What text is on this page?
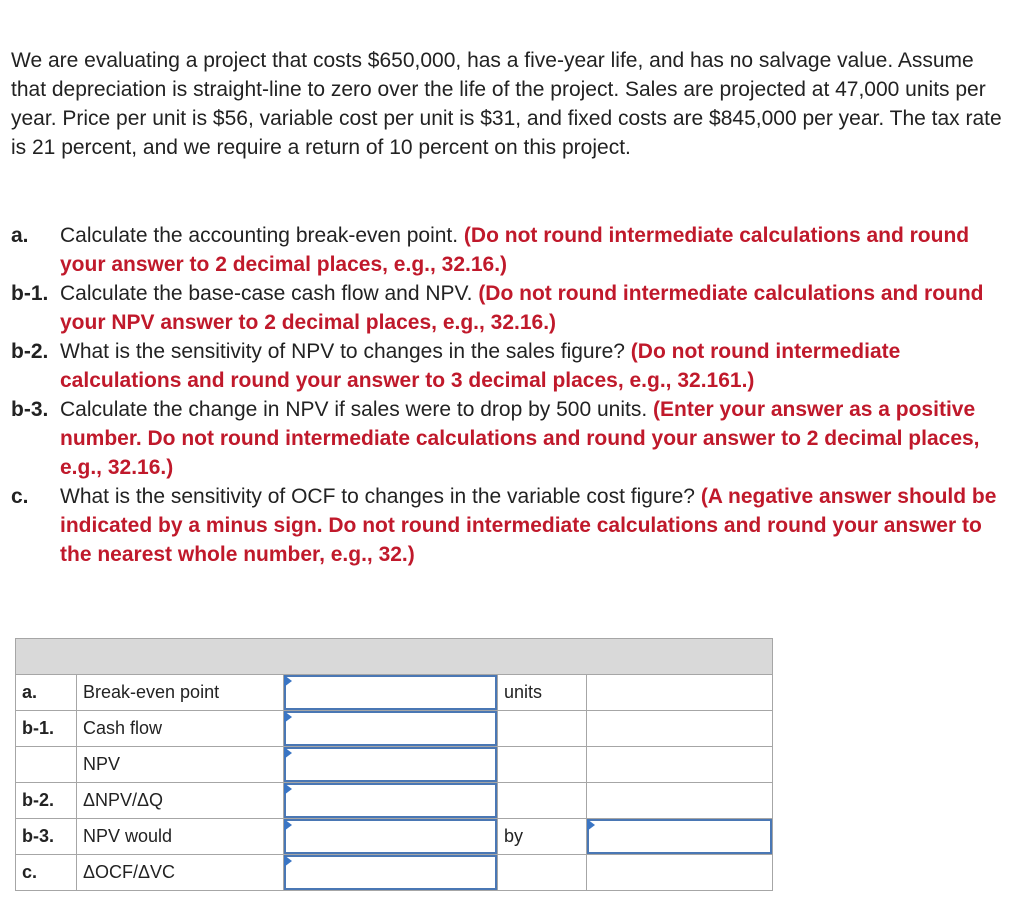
We are evaluating a project that costs $650,000, has a five-year life, and has no salvage value. Assume that depreciation is straight-line to zero over the life of the project. Sales are projected at 47,000 units per year. Price per unit is $56, variable cost per unit is $31, and fixed costs are $845,000 per year. The tax rate is 21 percent, and we require a return of 10 percent on this project.

a. Calculate the accounting break-even point. (Do not round intermediate calculations and round your answer to 2 decimal places, e.g., 32.16.)
b-1. Calculate the base-case cash flow and NPV. (Do not round intermediate calculations and round your NPV answer to 2 decimal places, e.g., 32.16.)
b-2. What is the sensitivity of NPV to changes in the sales figure? (Do not round intermediate calculations and round your answer to 3 decimal places, e.g., 32.161.)
b-3. Calculate the change in NPV if sales were to drop by 500 units. (Enter your answer as a positive number. Do not round intermediate calculations and round your answer to 2 decimal places, e.g., 32.16.)
c. What is the sensitivity of OCF to changes in the variable cost figure? (A negative answer should be indicated by a minus sign. Do not round intermediate calculations and round your answer to the nearest whole number, e.g., 32.)

a.	Break-even point		units	
b-1.	Cash flow	

	NPV	

b-2.	ΔNPV/ΔQ	

b-3.	NPV would		by	

c.	ΔOCF/ΔVC	
